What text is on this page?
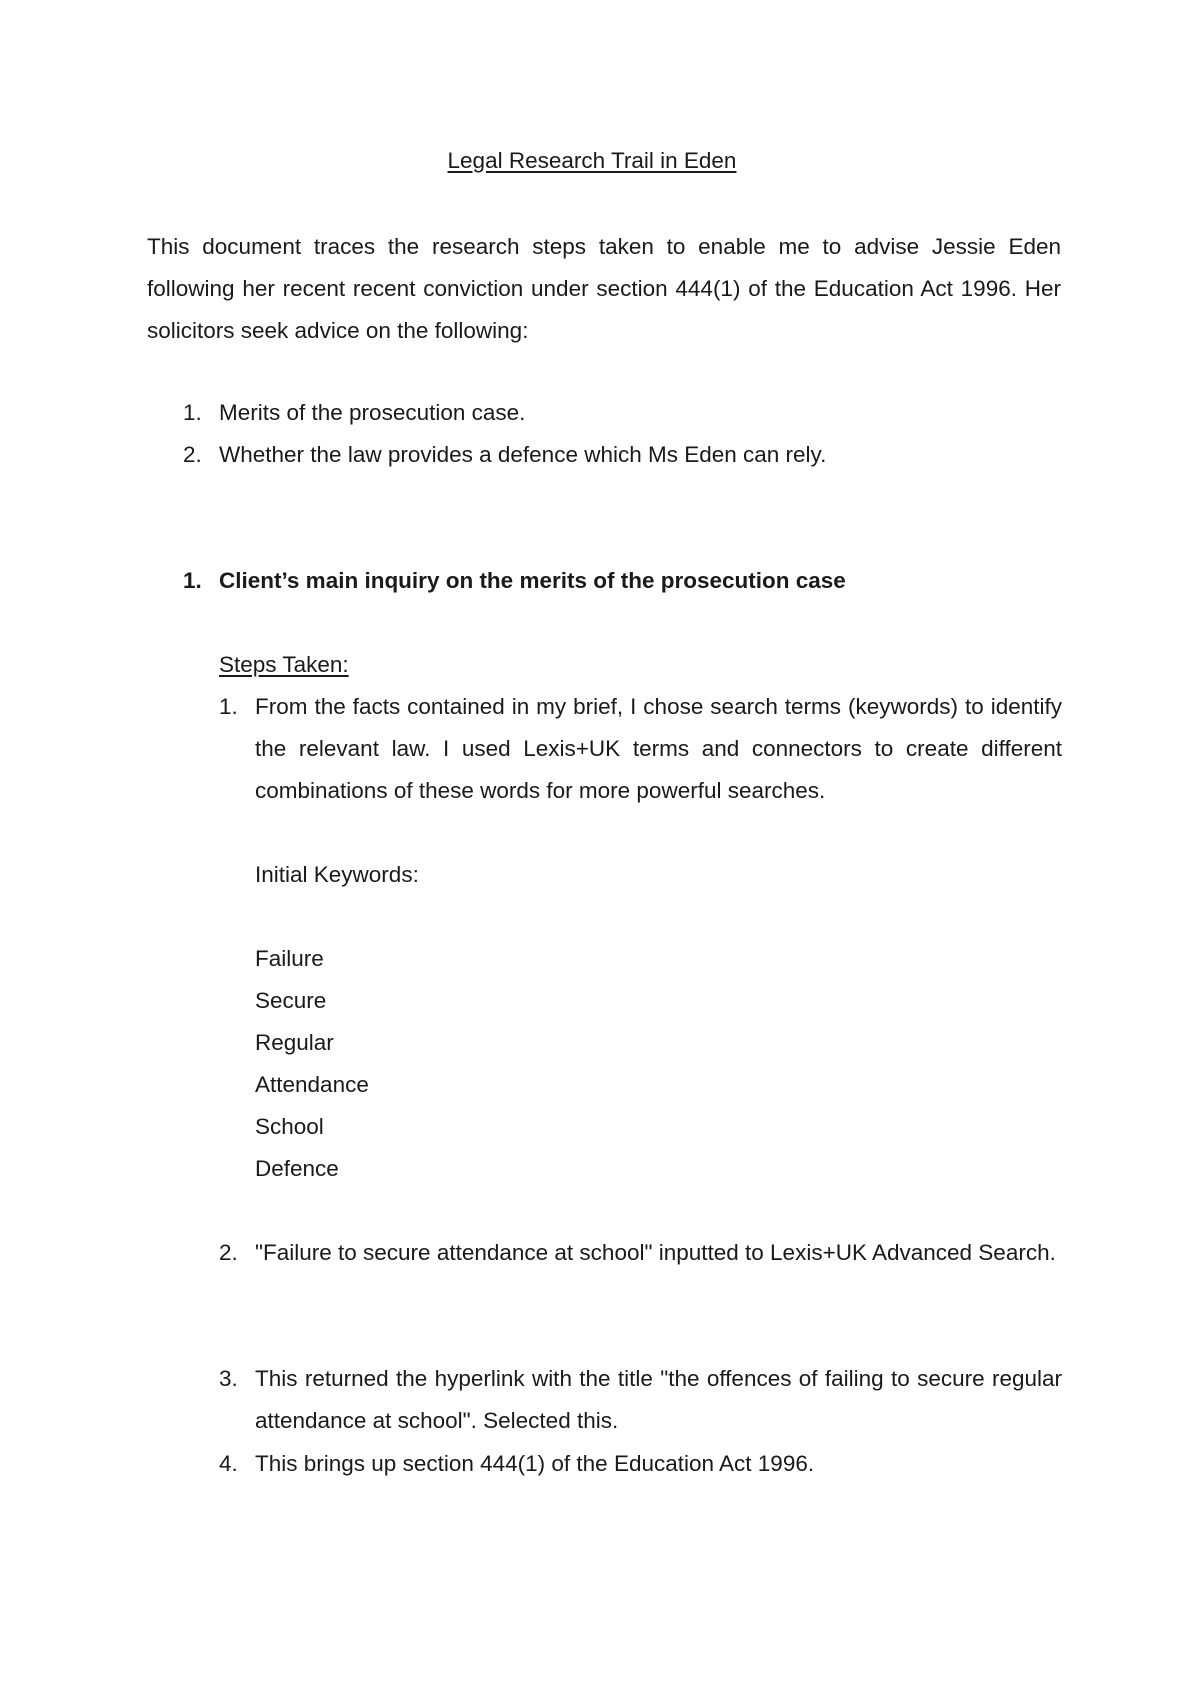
Legal Research Trail in Eden
This document traces the research steps taken to enable me to advise Jessie Eden following her recent recent conviction under section 444(1) of the Education Act 1996. Her solicitors seek advice on the following:
1. Merits of the prosecution case.
2. Whether the law provides a defence which Ms Eden can rely.
1. Client’s main inquiry on the merits of the prosecution case
Steps Taken:
1. From the facts contained in my brief, I chose search terms (keywords) to identify the relevant law. I used Lexis+UK terms and connectors to create different combinations of these words for more powerful searches.
Initial Keywords:
Failure
Secure
Regular
Attendance
School
Defence
2. "Failure to secure attendance at school" inputted to Lexis+UK Advanced Search.
3. This returned the hyperlink with the title "the offences of failing to secure regular attendance at school". Selected this.
4. This brings up section 444(1) of the Education Act 1996.
